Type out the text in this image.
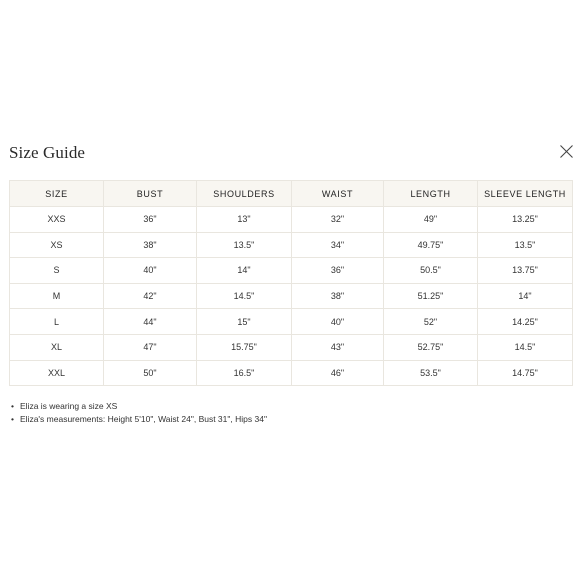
Size Guide
SIZE	BUST	SHOULDERS	WAIST	LENGTH	SLEEVE LENGTH
XXS	36"	13"	32"	49"	13.25"
XS	38"	13.5"	34"	49.75"	13.5"
S	40"	14"	36"	50.5"	13.75"
M	42"	14.5"	38"	51.25"	14"
L	44"	15"	40"	52"	14.25"
XL	47"	15.75"	43"	52.75"	14.5"
XXL	50"	16.5"	46"	53.5"	14.75"
• Eliza is wearing a size XS
• Eliza's measurements: Height 5'10", Waist 24", Bust 31", Hips 34"
